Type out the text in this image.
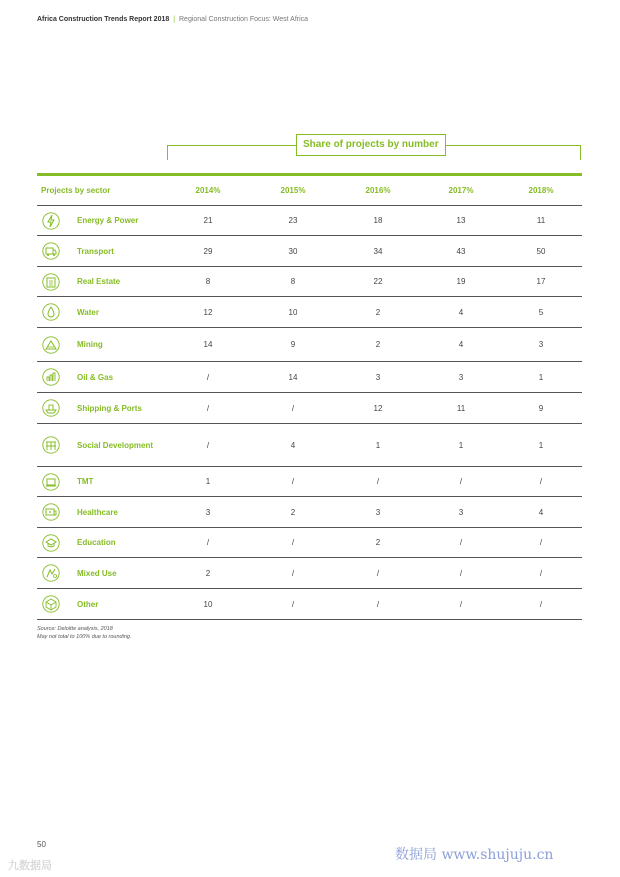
Africa Construction Trends Report 2018 | Regional Construction Focus: West Africa
Share of projects by number
Projects by sector	2014%	2015%	2016%	2017%	2018%
Energy & Power	21	23	18	13	11
Transport	29	30	34	43	50
Real Estate	8	8	22	19	17
Water	12	10	2	4	5
Mining	14	9	2	4	3
Oil & Gas	/	14	3	3	1
Shipping & Ports	/	/	12	11	9
Social Development	/	4	1	1	1
TMT	1	/	/	/	/
Healthcare	3	2	3	3	4
Education	/	/	2	/	/
Mixed Use	2	/	/	/	/
Other	10	/	/	/	/
Source: Deloitte analysis, 2018
May not total to 100% due to rounding.
50
九数据局
数据局 www.shujuju.cn
